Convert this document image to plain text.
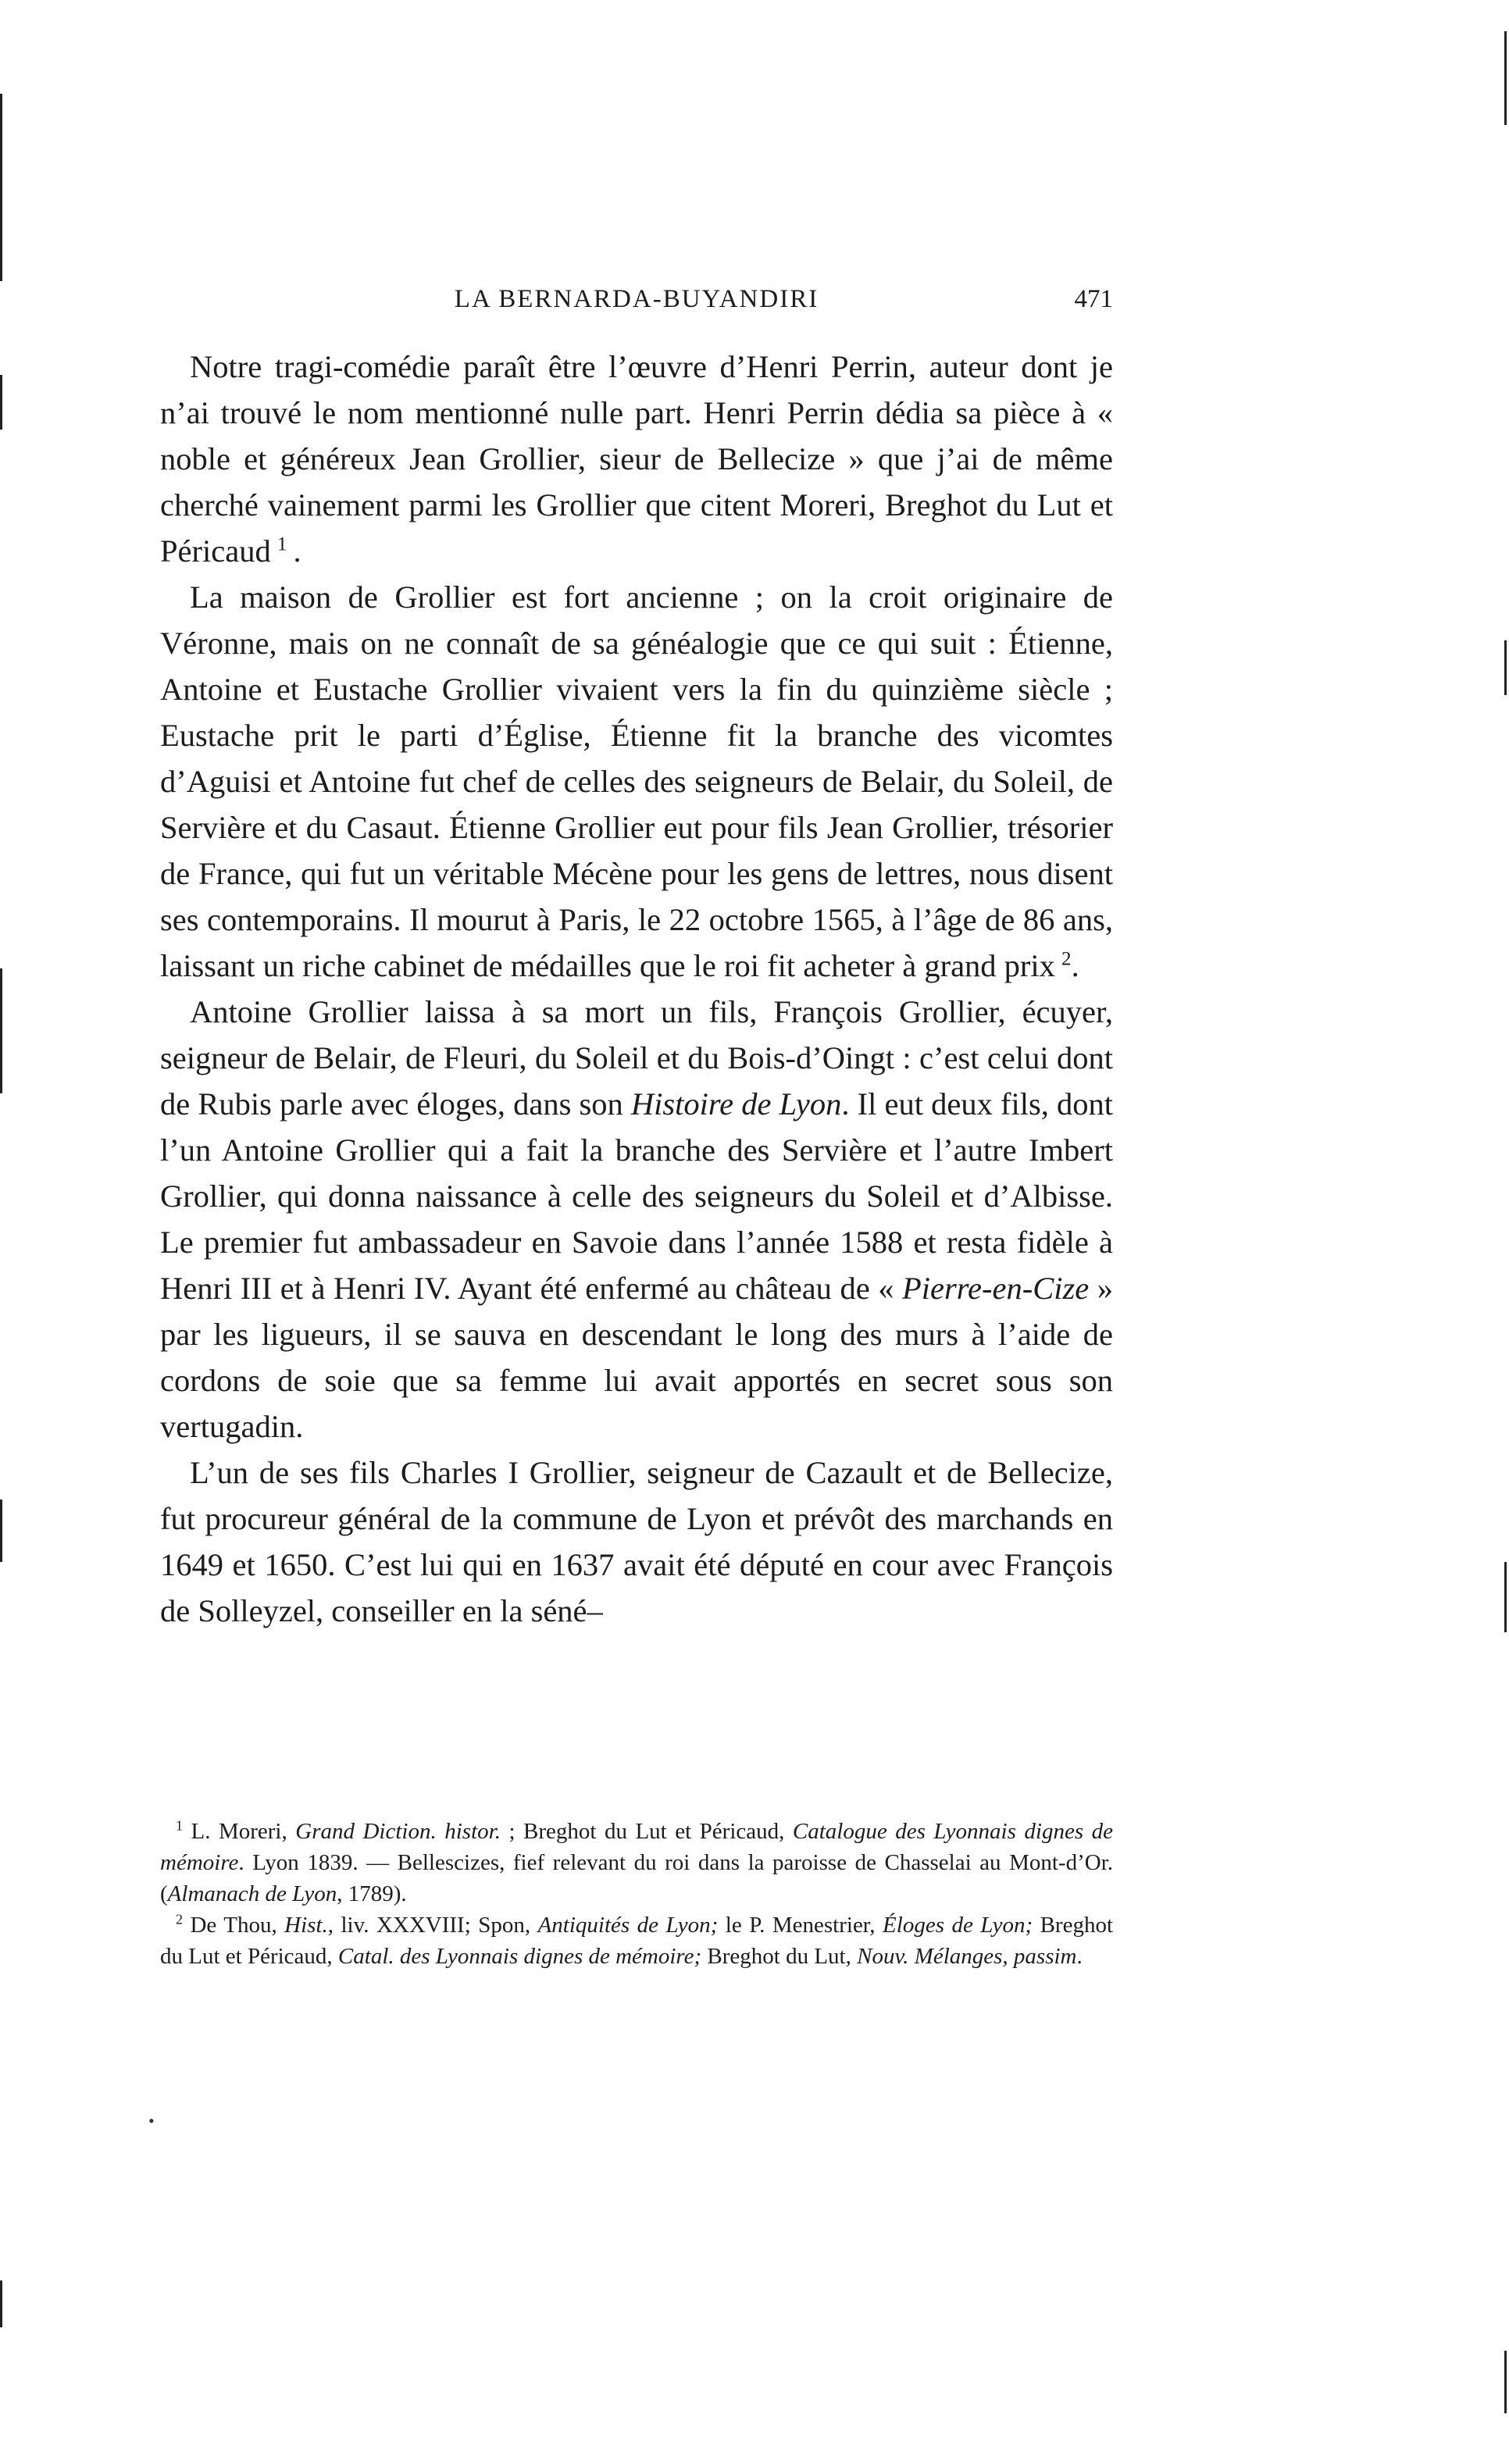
LA BERNARDA-BUYANDIRI	471

Notre tragi-comédie paraît être l’œuvre d’Henri Perrin, auteur dont je n’ai trouvé le nom mentionné nulle part. Henri Perrin dédia sa pièce à « noble et généreux Jean Grollier, sieur de Bellecize » que j’ai de même cherché vainement parmi les Grollier que citent Moreri, Breghot du Lut et Péricaud  $^1$  .

La maison de Grollier est fort ancienne ; on la croit originaire de Véronne, mais on ne connaît de sa généalogie que ce qui suit : Étienne, Antoine et Eustache Grollier vivaient vers la fin du quinzième siècle ; Eustache prit le parti d’Église, Étienne fit la branche des vicomtes d’Aguisi et Antoine fut chef de celles des seigneurs de Belair, du Soleil, de Servière et du Casaut. Étienne Grollier eut pour fils Jean Grollier, trésorier de France, qui fut un véritable Mécène pour les gens de lettres, nous disent ses contemporains. Il mourut à Paris, le 22 octobre 1565, à l’âge de 86 ans, laissant un riche cabinet de médailles que le roi fit acheter à grand prix  $^2$.

Antoine Grollier laissa à sa mort un fils, François Grollier, écuyer, seigneur de Belair, de Fleuri, du Soleil et du Bois-d’Oingt : c’est celui dont de Rubis parle avec éloges, dans son Histoire de Lyon. Il eut deux fils, dont l’un Antoine Grollier qui a fait la branche des Servière et l’autre Imbert Grollier, qui donna naissance à celle des seigneurs du Soleil et d’Albisse. Le premier fut ambassadeur en Savoie dans l’année 1588 et resta fidèle à Henri III et à Henri IV. Ayant été enfermé au château de « Pierre-en-Cize » par les ligueurs, il se sauva en descendant le long des murs à l’aide de cordons de soie que sa femme lui avait apportés en secret sous son vertugadin.

L’un de ses fils Charles I Grollier, seigneur de Cazault et de Bellecize, fut procureur général de la commune de Lyon et prévôt des marchands en 1649 et 1650. C’est lui qui en 1637 avait été député en cour avec François de Solleyzel, conseiller en la séné–

$^1$ L. Moreri, Grand Diction. histor. ; Breghot du Lut et Péricaud, Catalogue des Lyonnais dignes de mémoire. Lyon 1839. — Bellescizes, fief relevant du roi dans la paroisse de Chasselai au Mont-d’Or. (Almanach de Lyon, 1789).

$^2$ De Thou, Hist., liv. XXXVIII; Spon, Antiquités de Lyon; le P. Menestrier, Éloges de Lyon; Breghot du Lut et Péricaud, Catal. des Lyonnais dignes de mémoire; Breghot du Lut, Nouv. Mélanges, passim.

•
